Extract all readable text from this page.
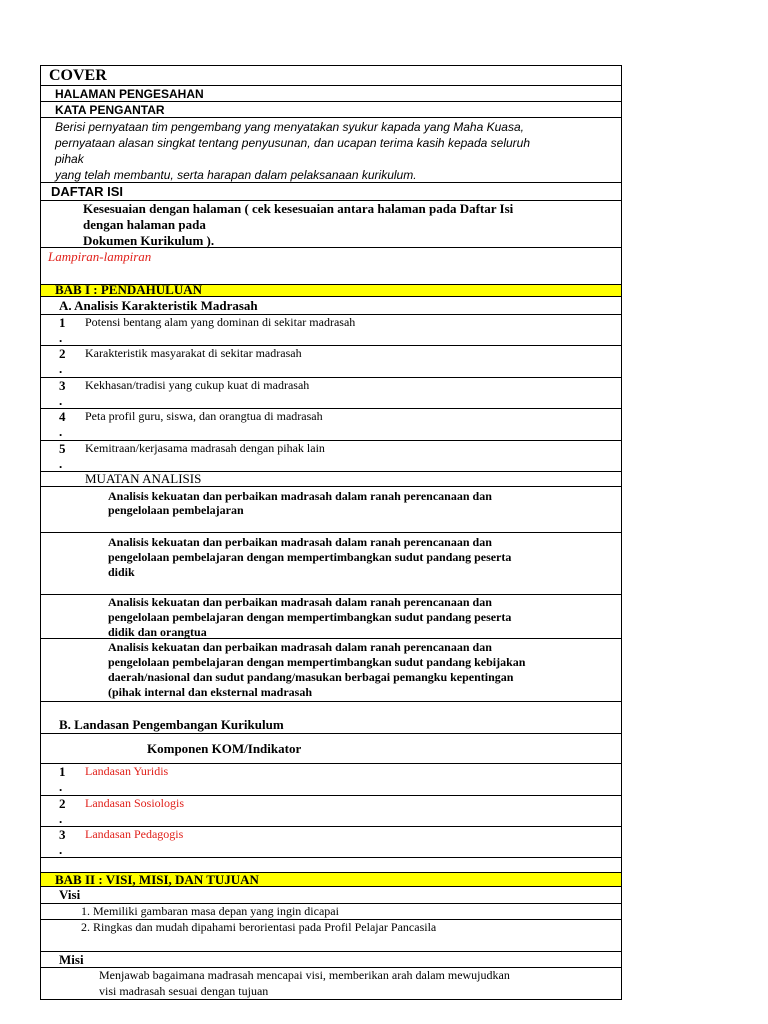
COVER
HALAMAN PENGESAHAN
KATA PENGANTAR
Berisi pernyataan tim pengembang yang menyatakan syukur kapada yang Maha Kuasa,
pernyataan alasan singkat tentang penyusunan, dan ucapan terima kasih kepada seluruh
pihak
yang telah membantu, serta harapan dalam pelaksanaan kurikulum.
DAFTAR ISI
Kesesuaian dengan halaman ( cek kesesuaian antara halaman pada Daftar Isi
dengan halaman pada
Dokumen Kurikulum ).
Lampiran-lampiran
BAB I : PENDAHULUAN
A. Analisis Karakteristik Madrasah
1
.
Potensi bentang alam yang dominan di sekitar madrasah
2
.
Karakteristik masyarakat di sekitar madrasah
3
.
Kekhasan/tradisi yang cukup kuat di madrasah
4
.
Peta profil guru, siswa, dan orangtua di madrasah
5
.
Kemitraan/kerjasama madrasah dengan pihak lain
MUATAN ANALISIS
Analisis kekuatan dan perbaikan madrasah dalam ranah perencanaan dan
pengelolaan pembelajaran
Analisis kekuatan dan perbaikan madrasah dalam ranah perencanaan dan
pengelolaan pembelajaran dengan mempertimbangkan sudut pandang peserta
didik
Analisis kekuatan dan perbaikan madrasah dalam ranah perencanaan dan
pengelolaan pembelajaran dengan mempertimbangkan sudut pandang peserta
didik dan orangtua
Analisis kekuatan dan perbaikan madrasah dalam ranah perencanaan dan
pengelolaan pembelajaran dengan mempertimbangkan sudut pandang kebijakan
daerah/nasional dan sudut pandang/masukan berbagai pemangku kepentingan
(pihak internal dan eksternal madrasah
B. Landasan Pengembangan Kurikulum
Komponen KOM/Indikator
1
.
Landasan Yuridis
2
.
Landasan Sosiologis
3
.
Landasan Pedagogis
BAB II : VISI, MISI, DAN TUJUAN
Visi
1. Memiliki gambaran masa depan yang ingin dicapai
2. Ringkas dan mudah dipahami berorientasi pada Profil Pelajar Pancasila
Misi
Menjawab bagaimana madrasah mencapai visi, memberikan arah dalam mewujudkan
visi madrasah sesuai dengan tujuan
